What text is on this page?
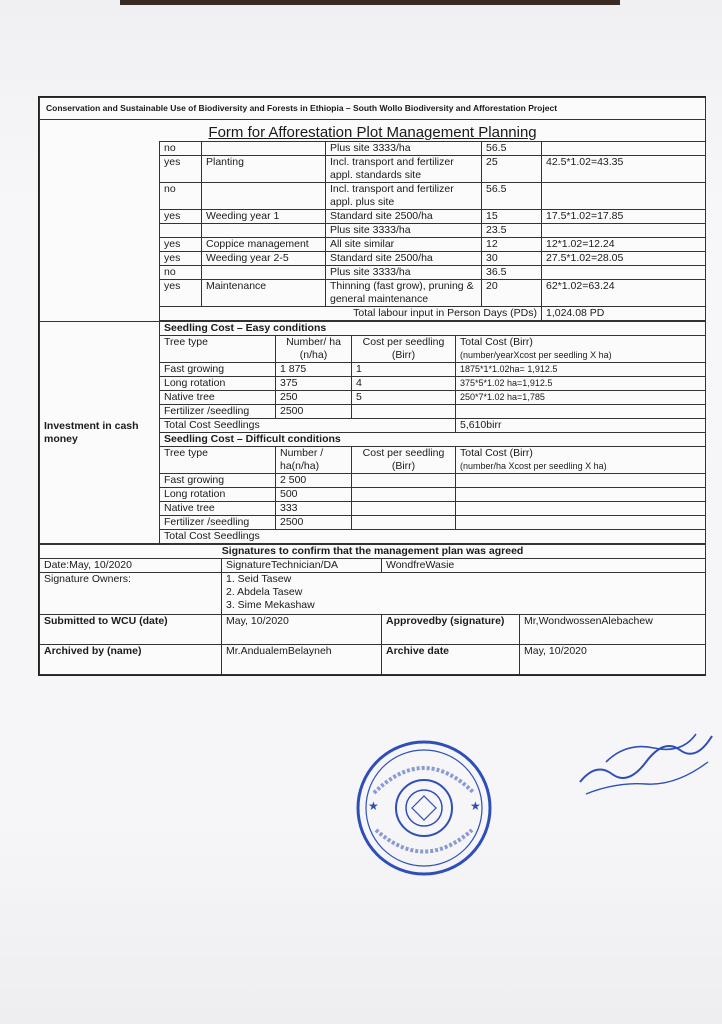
Conservation and Sustainable Use of Biodiversity and Forests in Ethiopia – South Wollo Biodiversity and Afforestation Project					
Form for Afforestation Plot Management Planning					
	no		Plus site 3333/ha	56.5	
	yes	Planting	Incl. transport and fertilizer appl. standards site	25	42.5*1.02=43.35
	no		Incl. transport and fertilizer appl. plus site	56.5	
	yes	Weeding year 1	Standard site 2500/ha	15	17.5*1.02=17.85
			Plus site 3333/ha	23.5	
	yes	Coppice management	All site similar	12	12*1.02=12.24
	yes	Weeding year 2-5	Standard site 2500/ha	30	27.5*1.02=28.05
	no		Plus site 3333/ha	36.5	
	yes	Maintenance	Thinning (fast grow), pruning & general maintenance	20	62*1.02=63.24
	Total labour input in Person Days (PDs)				1,024.08 PD
Investment in cash money	Seedling Cost – Easy conditions			
	Tree type	Number/ ha (n/ha)	Cost per seedling (Birr)	Total Cost (Birr)
(number/yearXcost per seedling X ha)

	Fast growing	1 875	1	1875*1*1.02ha= 1,912.5
	Long rotation	375	4	375*5*1.02 ha=1,912.5
	Native tree	250	5	250*7*1.02 ha=1,785
	Fertilizer /seedling	2500		
	Total Cost Seedlings			5,610birr
	Seedling Cost – Difficult conditions			
	Tree type	Number / ha(n/ha)	Cost per seedling (Birr)	Total Cost (Birr)
(number/ha Xcost per seedling X ha)

	Fast growing	2 500		
	Long rotation	500		
	Native tree	333		
	Fertilizer /seedling	2500		
	Total Cost Seedlings			
Signatures to confirm that the management plan was agreed			
Date:May, 10/2020	SignatureTechnician/DA	WondfreWasie	
Signature Owners:	1. Seid Tasew
2. Abdela Tasew
3. Sime Mekashaw		

Submitted to WCU (date)	May, 10/2020	Approvedby (signature)	Mr,WondwossenAlebachew
Archived by (name)	Mr.AndualemBelayneh	Archive date	May, 10/2020
★	★
